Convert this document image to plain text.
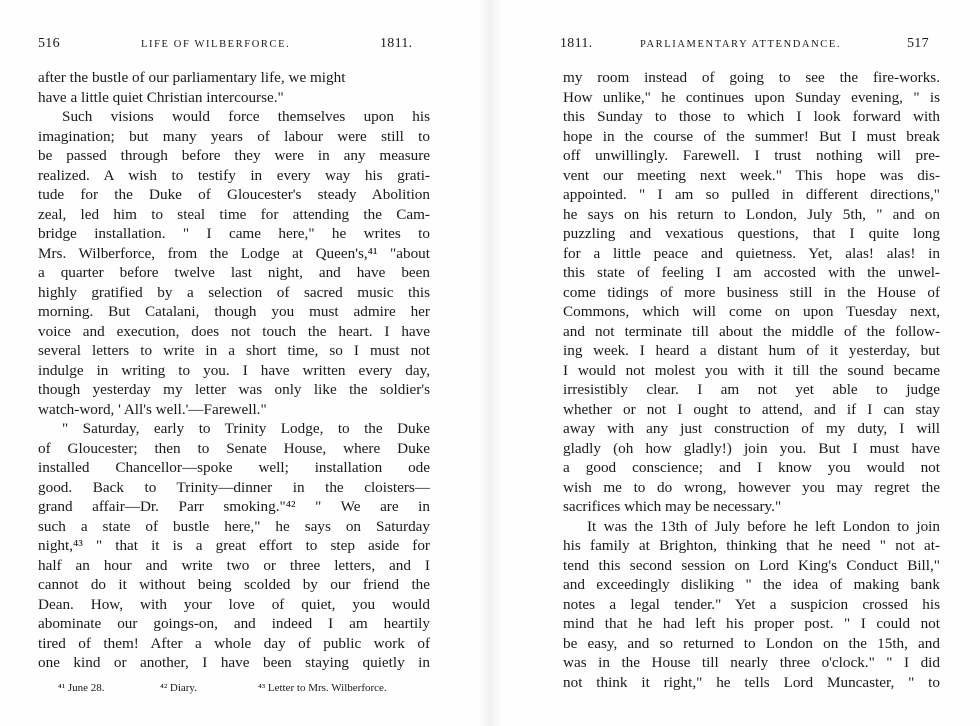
516	LIFE OF WILBERFORCE.	1811.
after the bustle of our parliamentary life, we might
have a little quiet Christian intercourse."
Such visions would force themselves upon his
imagination; but many years of labour were still to
be passed through before they were in any measure
realized. A wish to testify in every way his grati-
tude for the Duke of Gloucester's steady Abolition
zeal, led him to steal time for attending the Cam-
bridge installation. " I came here," he writes to
Mrs. Wilberforce, from the Lodge at Queen's,⁴¹ "about
a quarter before twelve last night, and have been
highly gratified by a selection of sacred music this
morning. But Catalani, though you must admire her
voice and execution, does not touch the heart. I have
several letters to write in a short time, so I must not
indulge in writing to you. I have written every day,
though yesterday my letter was only like the soldier's
watch-word, ' All's well.'—Farewell."
" Saturday, early to Trinity Lodge, to the Duke
of Gloucester; then to Senate House, where Duke
installed Chancellor—spoke well; installation ode
good. Back to Trinity—dinner in the cloisters—
grand affair—Dr. Parr smoking."⁴² " We are in
such a state of bustle here," he says on Saturday
night,⁴³ " that it is a great effort to step aside for
half an hour and write two or three letters, and I
cannot do it without being scolded by our friend the
Dean. How, with your love of quiet, you would
abominate our goings-on, and indeed I am heartily
tired of them! After a whole day of public work of
one kind or another, I have been staying quietly in
⁴¹ June 28.	⁴² Diary.	⁴³ Letter to Mrs. Wilberforce.
1811.	PARLIAMENTARY ATTENDANCE.	517
my room instead of going to see the fire-works.
How unlike," he continues upon Sunday evening, " is
this Sunday to those to which I look forward with
hope in the course of the summer! But I must break
off unwillingly. Farewell. I trust nothing will pre-
vent our meeting next week." This hope was dis-
appointed. " I am so pulled in different directions,"
he says on his return to London, July 5th, " and on
puzzling and vexatious questions, that I quite long
for a little peace and quietness. Yet, alas! alas! in
this state of feeling I am accosted with the unwel-
come tidings of more business still in the House of
Commons, which will come on upon Tuesday next,
and not terminate till about the middle of the follow-
ing week. I heard a distant hum of it yesterday, but
I would not molest you with it till the sound became
irresistibly clear. I am not yet able to judge
whether or not I ought to attend, and if I can stay
away with any just construction of my duty, I will
gladly (oh how gladly!) join you. But I must have
a good conscience; and I know you would not
wish me to do wrong, however you may regret the
sacrifices which may be necessary."
It was the 13th of July before he left London to join
his family at Brighton, thinking that he need " not at-
tend this second session on Lord King's Conduct Bill,"
and exceedingly disliking " the idea of making bank
notes a legal tender." Yet a suspicion crossed his
mind that he had left his proper post. " I could not
be easy, and so returned to London on the 15th, and
was in the House till nearly three o'clock." " I did
not think it right," he tells Lord Muncaster, " to
